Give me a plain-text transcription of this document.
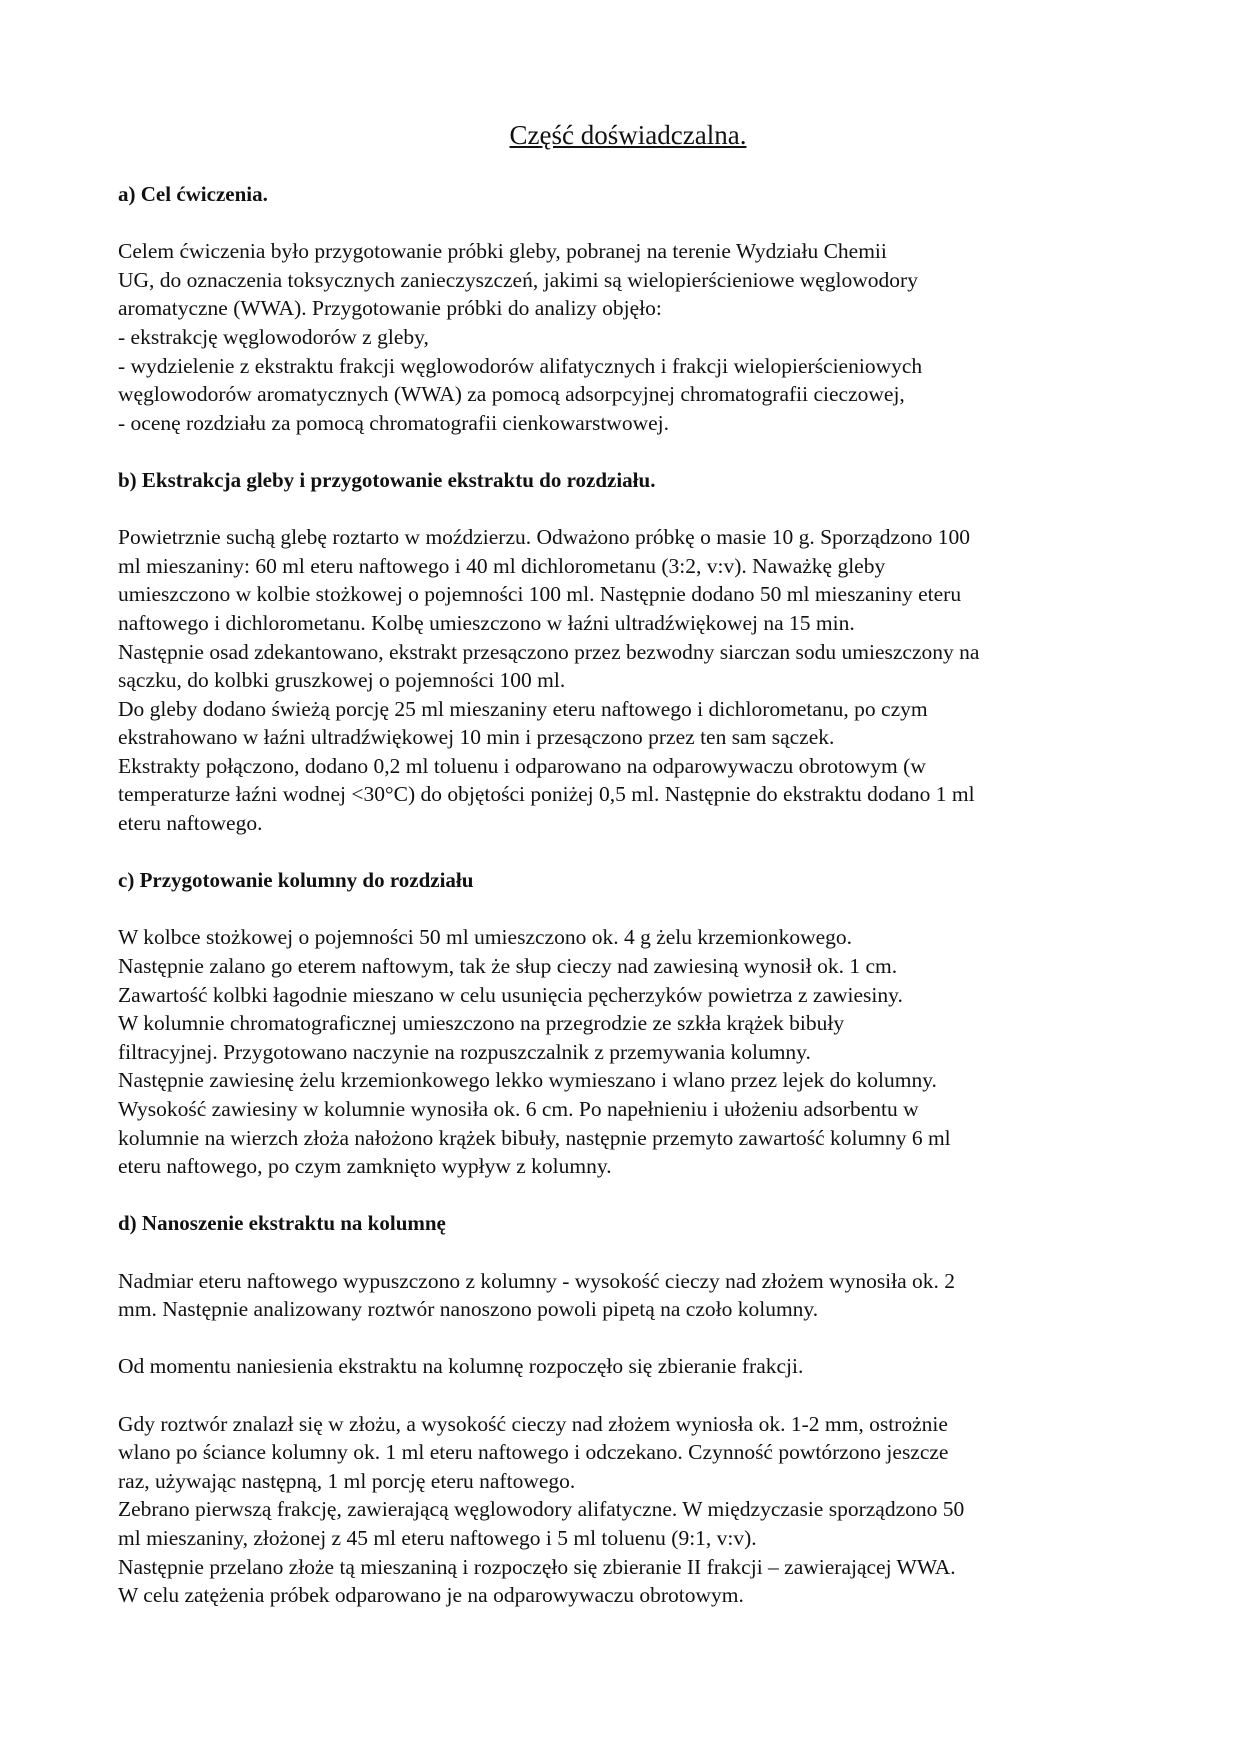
Część doświadczalna.
a) Cel ćwiczenia.
Celem ćwiczenia było przygotowanie próbki gleby, pobranej na terenie Wydziału Chemii
UG, do oznaczenia toksycznych zanieczyszczeń, jakimi są wielopierścieniowe węglowodory
aromatyczne (WWA). Przygotowanie próbki do analizy objęło:
- ekstrakcję węglowodorów z gleby,
- wydzielenie z ekstraktu frakcji węglowodorów alifatycznych i frakcji wielopierścieniowych
węglowodorów aromatycznych (WWA) za pomocą adsorpcyjnej chromatografii cieczowej,
- ocenę rozdziału za pomocą chromatografii cienkowarstwowej.
b) Ekstrakcja gleby i przygotowanie ekstraktu do rozdziału.
Powietrznie suchą glebę roztarto w moździerzu. Odważono próbkę o masie 10 g. Sporządzono 100
ml mieszaniny: 60 ml eteru naftowego i 40 ml dichlorometanu (3:2, v:v). Naważkę gleby
umieszczono w kolbie stożkowej o pojemności 100 ml. Następnie dodano 50 ml mieszaniny eteru
naftowego i dichlorometanu. Kolbę umieszczono w łaźni ultradźwiękowej na 15 min.
Następnie osad zdekantowano, ekstrakt przesączono przez bezwodny siarczan sodu umieszczony na
sączku, do kolbki gruszkowej o pojemności 100 ml.
Do gleby dodano świeżą porcję 25 ml mieszaniny eteru naftowego i dichlorometanu, po czym
ekstrahowano w łaźni ultradźwiękowej 10 min i przesączono przez ten sam sączek.
Ekstrakty połączono, dodano 0,2 ml toluenu i odparowano na odparowywaczu obrotowym (w
temperaturze łaźni wodnej <30°C) do objętości poniżej 0,5 ml. Następnie do ekstraktu dodano 1 ml
eteru naftowego.
c) Przygotowanie kolumny do rozdziału
W kolbce stożkowej o pojemności 50 ml umieszczono ok. 4 g żelu krzemionkowego.
Następnie zalano go eterem naftowym, tak że słup cieczy nad zawiesiną wynosił ok. 1 cm.
Zawartość kolbki łagodnie mieszano w celu usunięcia pęcherzyków powietrza z zawiesiny.
W kolumnie chromatograficznej umieszczono na przegrodzie ze szkła krążek bibuły
filtracyjnej. Przygotowano naczynie na rozpuszczalnik z przemywania kolumny.
Następnie zawiesinę żelu krzemionkowego lekko wymieszano i wlano przez lejek do kolumny.
Wysokość zawiesiny w kolumnie wynosiła ok. 6 cm. Po napełnieniu i ułożeniu adsorbentu w
kolumnie na wierzch złoża nałożono krążek bibuły, następnie przemyto zawartość kolumny 6 ml
eteru naftowego, po czym zamknięto wypływ z kolumny.
d) Nanoszenie ekstraktu na kolumnę
Nadmiar eteru naftowego wypuszczono z kolumny - wysokość cieczy nad złożem wynosiła ok. 2
mm. Następnie analizowany roztwór nanoszono powoli pipetą na czoło kolumny.
Od momentu naniesienia ekstraktu na kolumnę rozpoczęło się zbieranie frakcji.
Gdy roztwór znalazł się w złożu, a wysokość cieczy nad złożem wyniosła ok. 1-2 mm, ostrożnie
wlano po ściance kolumny ok. 1 ml eteru naftowego i odczekano. Czynność powtórzono jeszcze
raz, używając następną, 1 ml porcję eteru naftowego.
Zebrano pierwszą frakcję, zawierającą węglowodory alifatyczne. W międzyczasie sporządzono 50
ml mieszaniny, złożonej z 45 ml eteru naftowego i 5 ml toluenu (9:1, v:v).
Następnie przelano złoże tą mieszaniną i rozpoczęło się zbieranie II frakcji – zawierającej WWA.
W celu zatężenia próbek odparowano je na odparowywaczu obrotowym.
